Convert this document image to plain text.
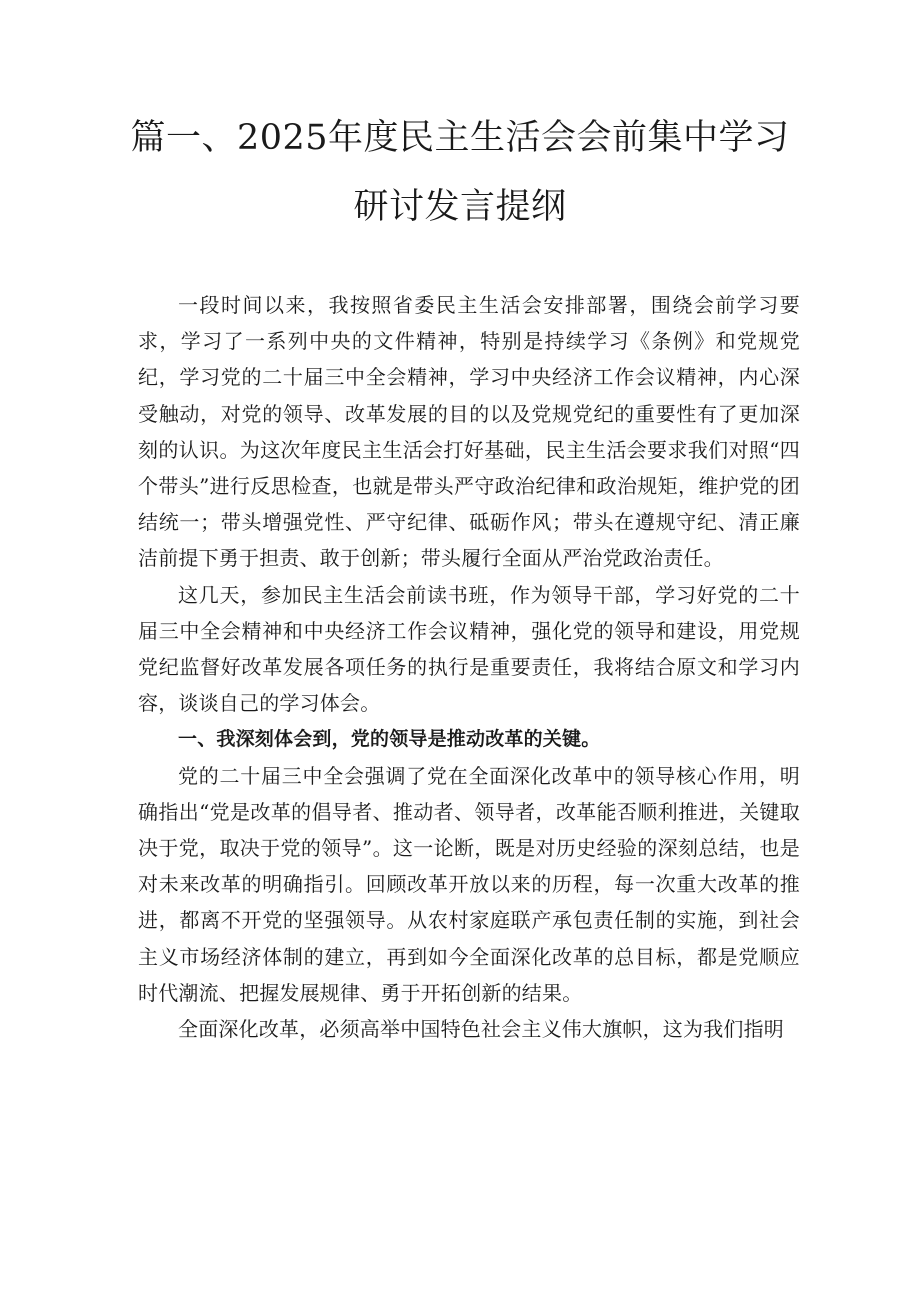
篇一、2025年度民主生活会会前集中学习
研讨发言提纲

一段时间以来，我按照省委民主生活会安排部署，围绕会前学习要求，学习了一系列中央的文件精神，特别是持续学习《条例》和党规党纪，学习党的二十届三中全会精神，学习中央经济工作会议精神，内心深受触动，对党的领导、改革发展的目的以及党规党纪的重要性有了更加深刻的认识。为这次年度民主生活会打好基础，民主生活会要求我们对照“四个带头”进行反思检查，也就是带头严守政治纪律和政治规矩，维护党的团结统一；带头增强党性、严守纪律、砥砺作风；带头在遵规守纪、清正廉洁前提下勇于担责、敢于创新；带头履行全面从严治党政治责任。

这几天，参加民主生活会前读书班，作为领导干部，学习好党的二十届三中全会精神和中央经济工作会议精神，强化党的领导和建设，用党规党纪监督好改革发展各项任务的执行是重要责任，我将结合原文和学习内容，谈谈自己的学习体会。

一、我深刻体会到，党的领导是推动改革的关键。

党的二十届三中全会强调了党在全面深化改革中的领导核心作用，明确指出“党是改革的倡导者、推动者、领导者，改革能否顺利推进，关键取决于党，取决于党的领导”。这一论断，既是对历史经验的深刻总结，也是对未来改革的明确指引。回顾改革开放以来的历程，每一次重大改革的推进，都离不开党的坚强领导。从农村家庭联产承包责任制的实施，到社会主义市场经济体制的建立，再到如今全面深化改革的总目标，都是党顺应时代潮流、把握发展规律、勇于开拓创新的结果。

全面深化改革，必须高举中国特色社会主义伟大旗帜，这为我们指明
